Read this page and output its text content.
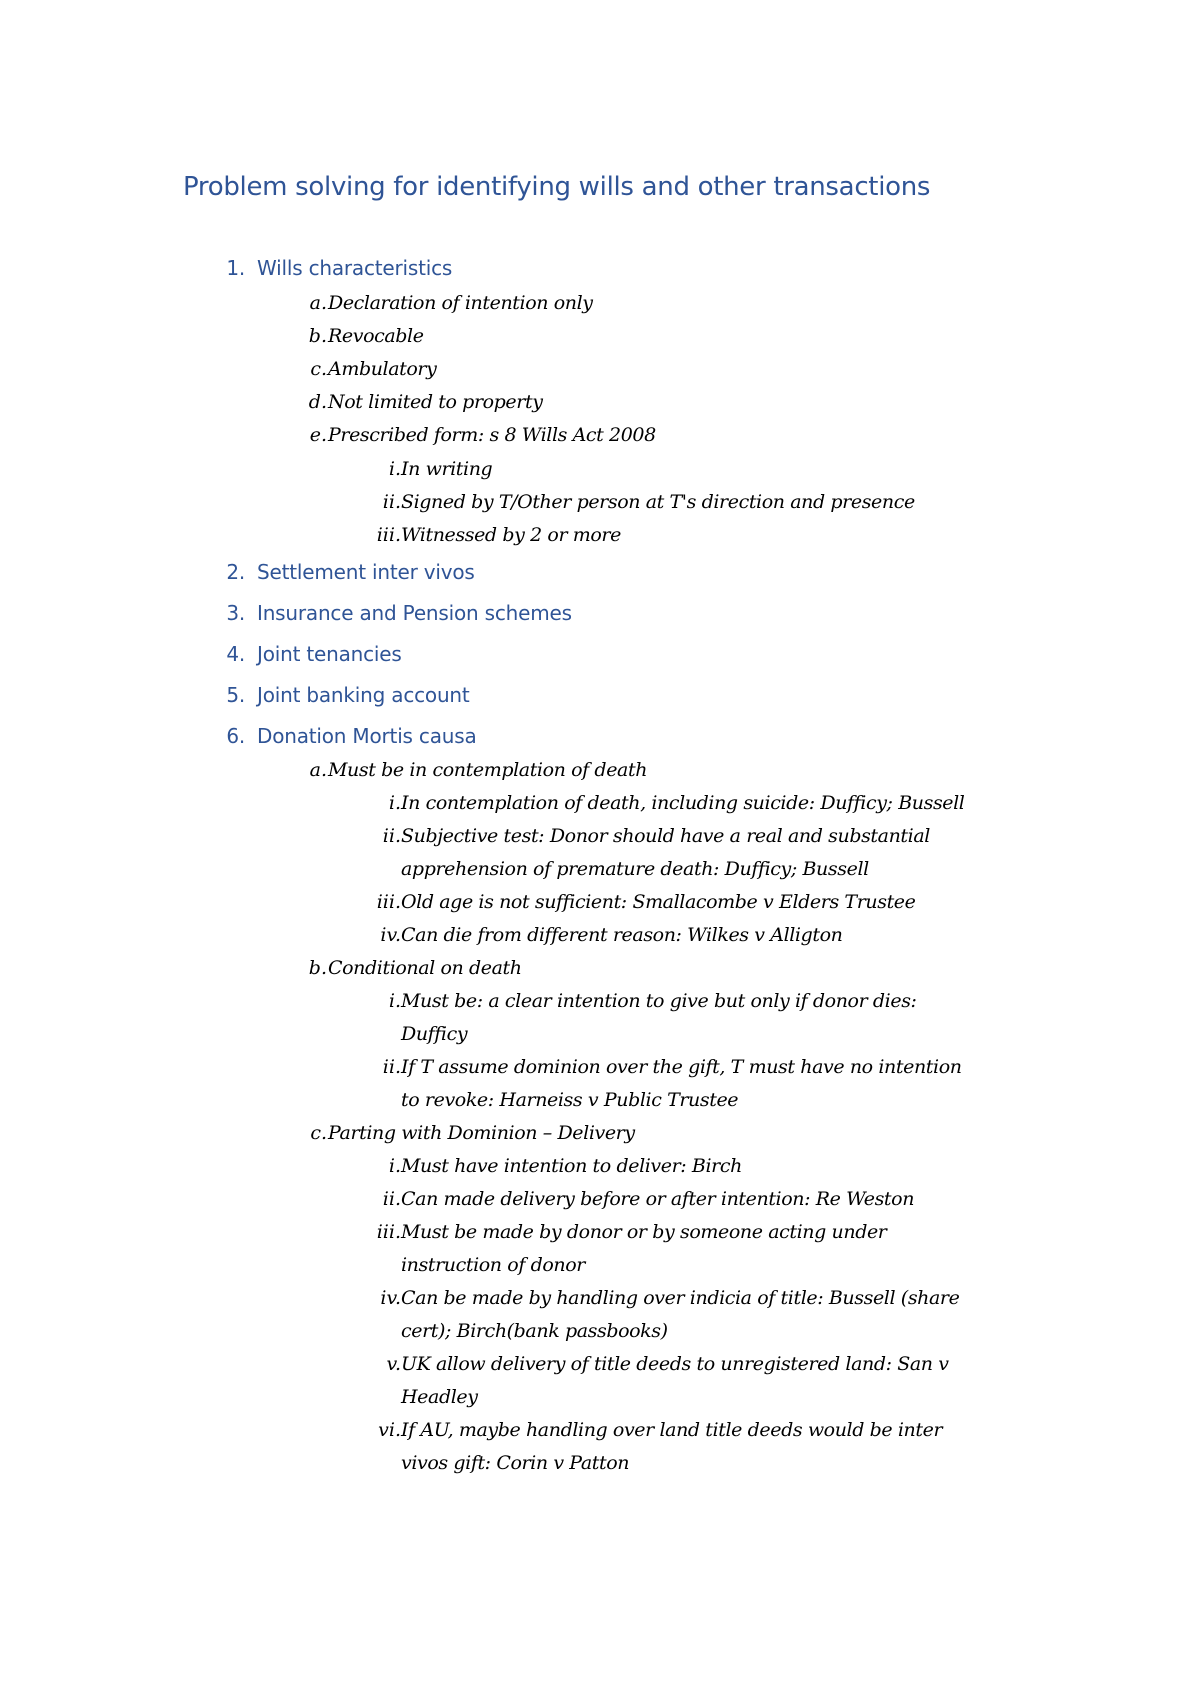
Problem solving for identifying wills and other transactions
1. Wills characteristics
a. Declaration of intention only
b. Revocable
c. Ambulatory
d. Not limited to property
e. Prescribed form: s 8 Wills Act 2008
i. In writing
ii. Signed by T/Other person at T's direction and presence
iii. Witnessed by 2 or more
2. Settlement inter vivos
3. Insurance and Pension schemes
4. Joint tenancies
5. Joint banking account
6. Donation Mortis causa
a. Must be in contemplation of death
i. In contemplation of death, including suicide: Dufficy; Bussell
ii. Subjective test: Donor should have a real and substantial
apprehension of premature death: Dufficy; Bussell
iii. Old age is not sufficient: Smallacombe v Elders Trustee
iv. Can die from different reason: Wilkes v Alligton
b. Conditional on death
i. Must be: a clear intention to give but only if donor dies:
Dufficy
ii. If T assume dominion over the gift, T must have no intention
to revoke: Harneiss v Public Trustee
c. Parting with Dominion – Delivery
i. Must have intention to deliver: Birch
ii. Can made delivery before or after intention: Re Weston
iii. Must be made by donor or by someone acting under
instruction of donor
iv. Can be made by handling over indicia of title: Bussell (share
cert); Birch(bank passbooks)
v. UK allow delivery of title deeds to unregistered land: San v
Headley
vi. If AU, maybe handling over land title deeds would be inter
vivos gift: Corin v Patton
